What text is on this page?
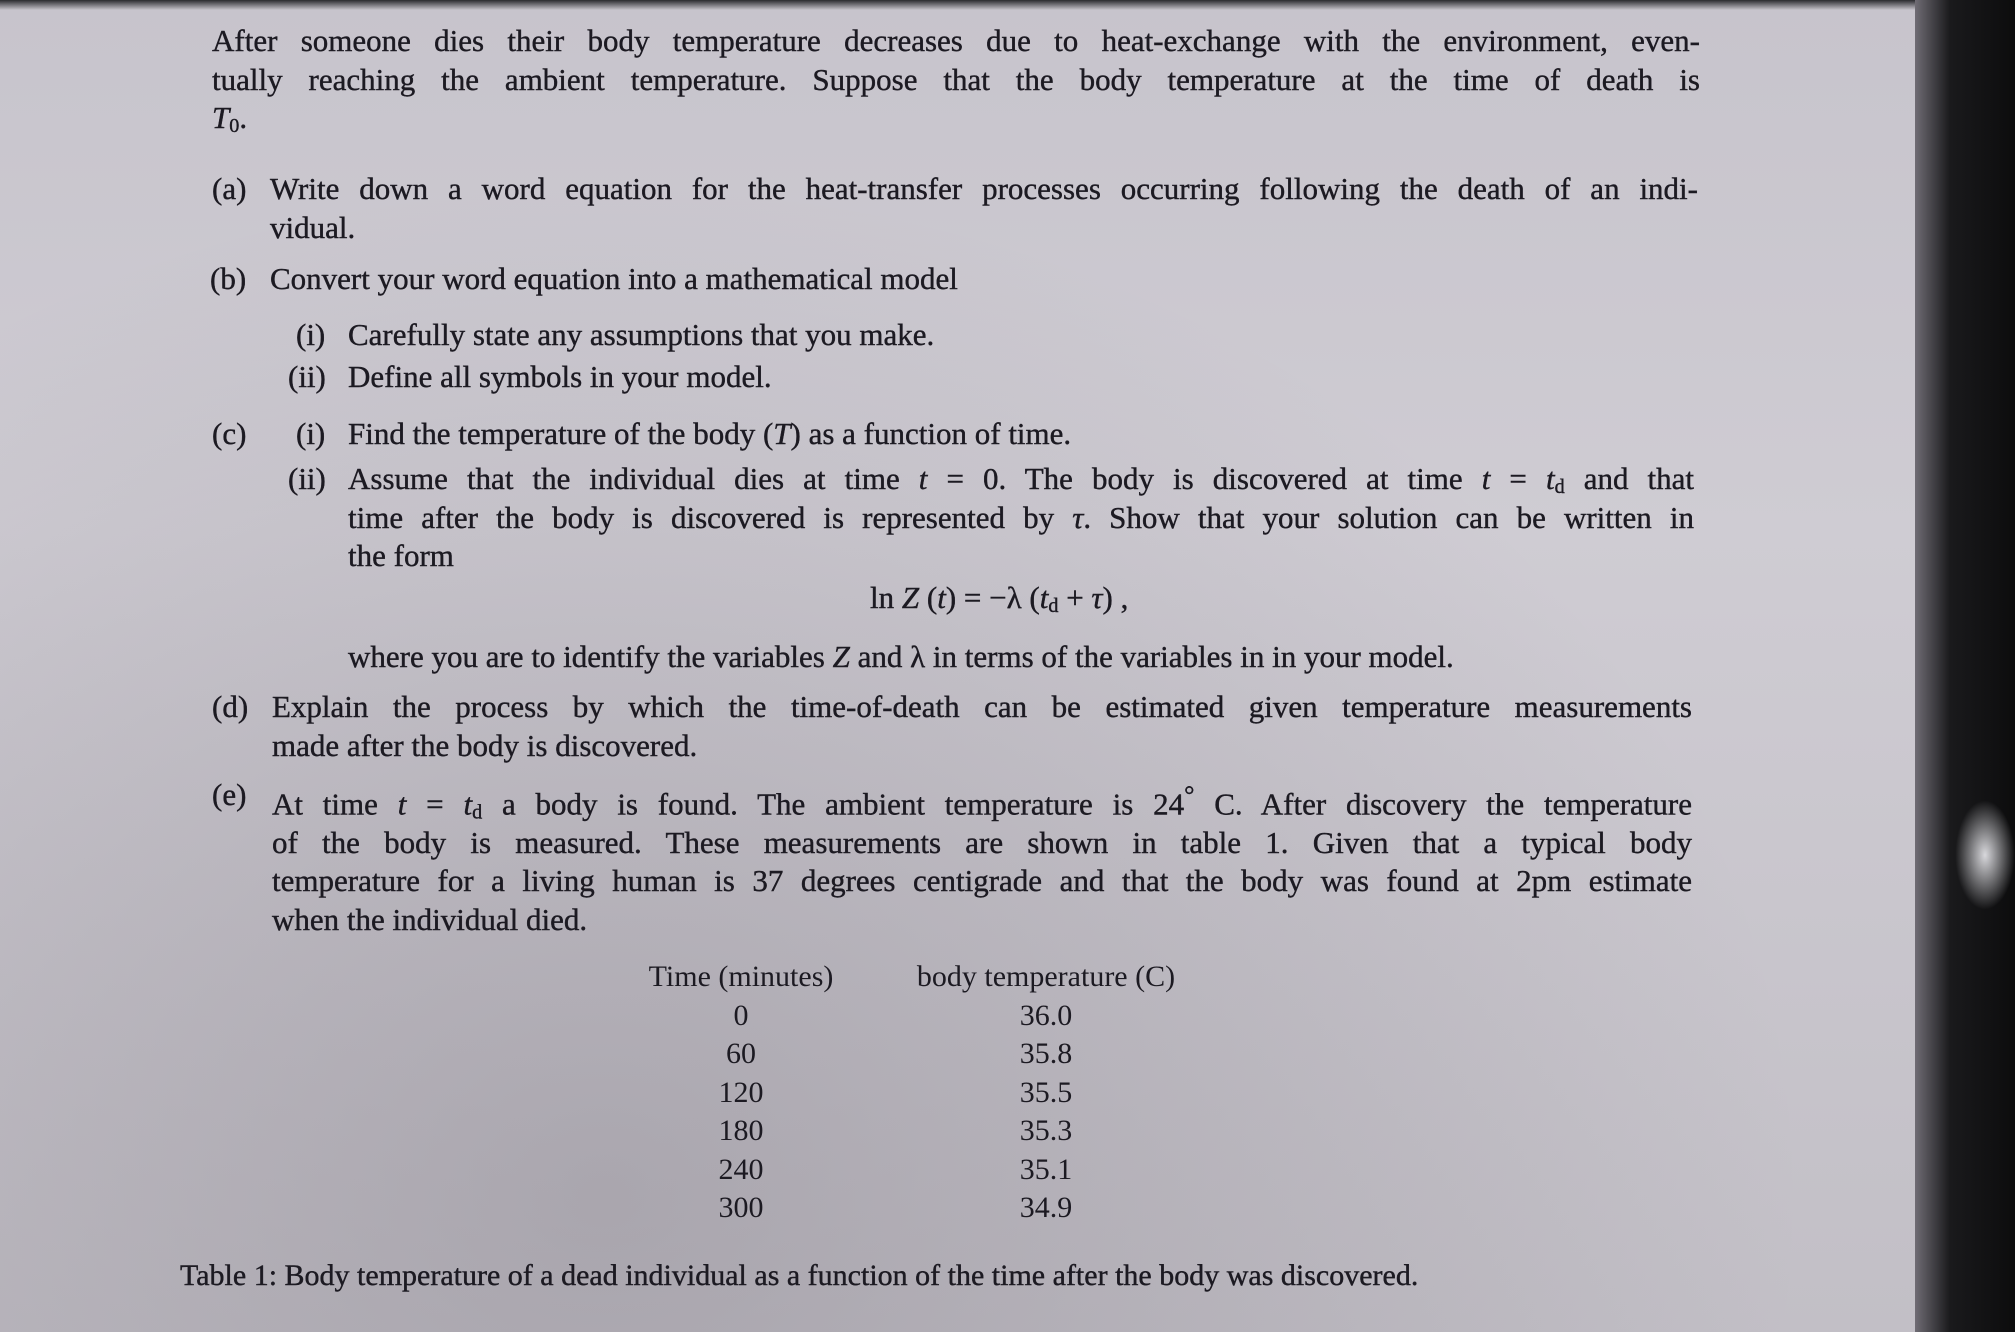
After someone dies their body temperature decreases due to heat-exchange with the environment, even-
tually reaching the ambient temperature. Suppose that the body temperature at the time of death is
$T_0$.
(a) Write down a word equation for the heat-transfer processes occurring following the death of an indi-
vidual.
(b) Convert your word equation into a mathematical model
(i) Carefully state any assumptions that you make.
(ii) Define all symbols in your model.
(c) (i) Find the temperature of the body (T) as a function of time.
(ii) Assume that the individual dies at time t = 0. The body is discovered at time $t = t_d$ and that
time after the body is discovered is represented by τ. Show that your solution can be written in
the form
ln Z (t) = −λ $(t_d + \tau)$ ,
where you are to identify the variables Z and λ in terms of the variables in in your model.
(d) Explain the process by which the time-of-death can be estimated given temperature measurements
made after the body is discovered.
(e) At time $t = t_d$ a body is found. The ambient temperature is 24° C. After discovery the temperature
of the body is measured. These measurements are shown in table 1. Given that a typical body
temperature for a living human is 37 degrees centigrade and that the body was found at 2pm estimate
when the individual died.
Time (minutes)
0
60
120
180
240
300
body temperature (C)
36.0
35.8
35.5
35.3
35.1
34.9
Table 1: Body temperature of a dead individual as a function of the time after the body was discovered.
